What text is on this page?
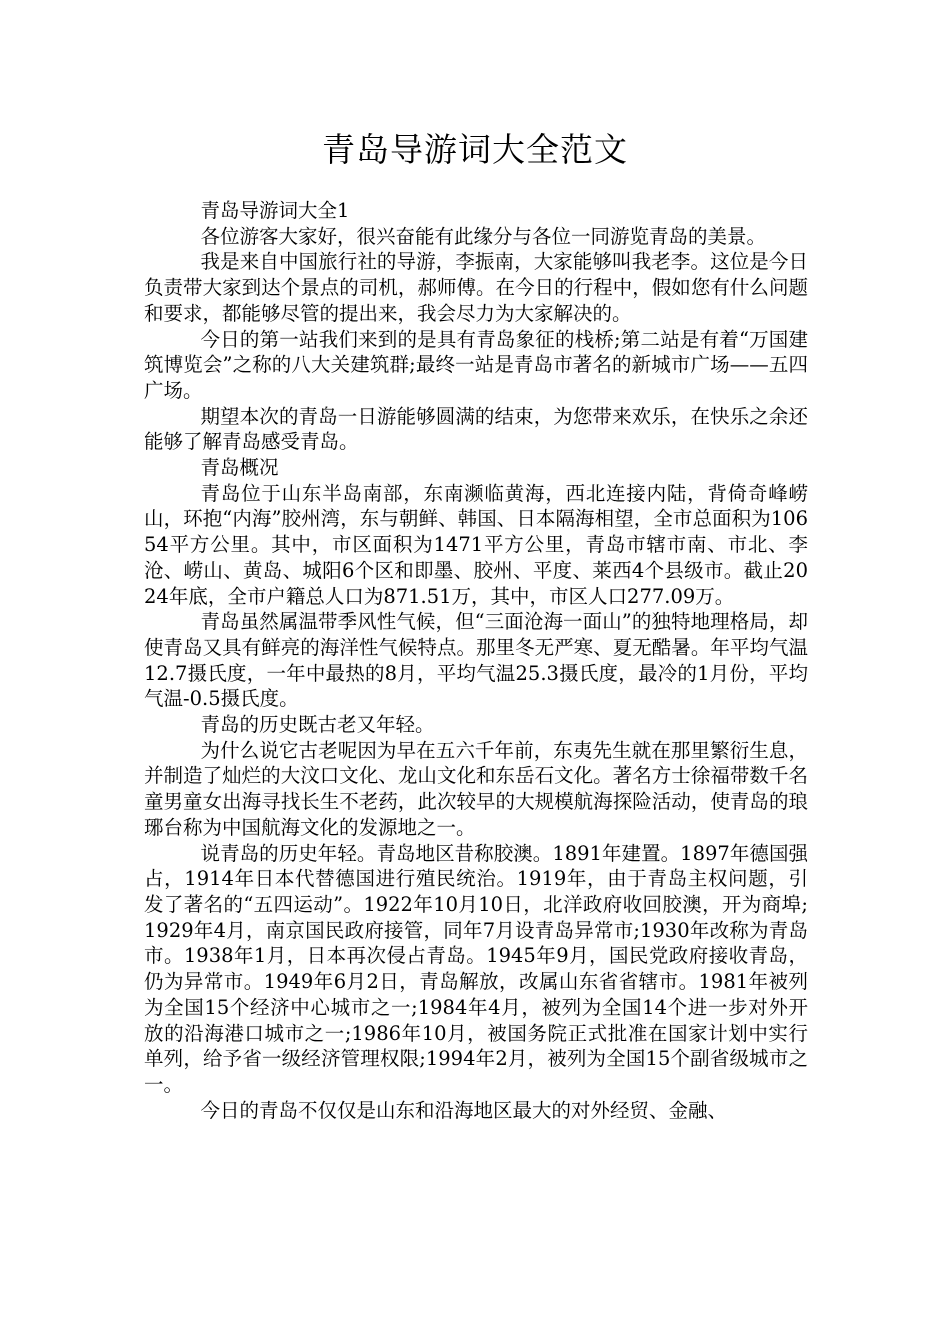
青岛导游词大全范文

青岛导游词大全1

各位游客大家好，很兴奋能有此缘分与各位一同游览青岛的美景。

我是来自中国旅行社的导游，李振南，大家能够叫我老李。这位是今日负责带大家到达个景点的司机，郝师傅。在今日的行程中，假如您有什么问题和要求，都能够尽管的提出来，我会尽力为大家解决的。

今日的第一站我们来到的是具有青岛象征的栈桥;第二站是有着“万国建筑博览会”之称的八大关建筑群;最终一站是青岛市著名的新城市广场——五四广场。

期望本次的青岛一日游能够圆满的结束，为您带来欢乐，在快乐之余还能够了解青岛感受青岛。

青岛概况

青岛位于山东半岛南部，东南濒临黄海，西北连接内陆，背倚奇峰崂山，环抱“内海”胶州湾，东与朝鲜、韩国、日本隔海相望，全市总面积为10654平方公里。其中，市区面积为1471平方公里，青岛市辖市南、市北、李沧、崂山、黄岛、城阳6个区和即墨、胶州、平度、莱西4个县级市。截止2024年底，全市户籍总人口为871.51万，其中，市区人口277.09万。

青岛虽然属温带季风性气候，但“三面沧海一面山”的独特地理格局，却使青岛又具有鲜亮的海洋性气候特点。那里冬无严寒、夏无酷暑。年平均气温12.7摄氏度，一年中最热的8月，平均气温25.3摄氏度，最冷的1月份，平均气温-0.5摄氏度。

青岛的历史既古老又年轻。

为什么说它古老呢因为早在五六千年前，东夷先生就在那里繁衍生息，并制造了灿烂的大汶口文化、龙山文化和东岳石文化。著名方士徐福带数千名童男童女出海寻找长生不老药，此次较早的大规模航海探险活动，使青岛的琅琊台称为中国航海文化的发源地之一。

说青岛的历史年轻。青岛地区昔称胶澳。1891年建置。1897年德国强占，1914年日本代替德国进行殖民统治。1919年，由于青岛主权问题，引发了著名的“五四运动”。1922年10月10日，北洋政府收回胶澳，开为商埠;1929年4月，南京国民政府接管，同年7月设青岛异常市;1930年改称为青岛市。1938年1月，日本再次侵占青岛。1945年9月，国民党政府接收青岛，仍为异常市。1949年6月2日，青岛解放，改属山东省省辖市。1981年被列为全国15个经济中心城市之一;1984年4月，被列为全国14个进一步对外开放的沿海港口城市之一;1986年10月，被国务院正式批准在国家计划中实行单列，给予省一级经济管理权限;1994年2月，被列为全国15个副省级城市之一。

今日的青岛不仅仅是山东和沿海地区最大的对外经贸、金融、
